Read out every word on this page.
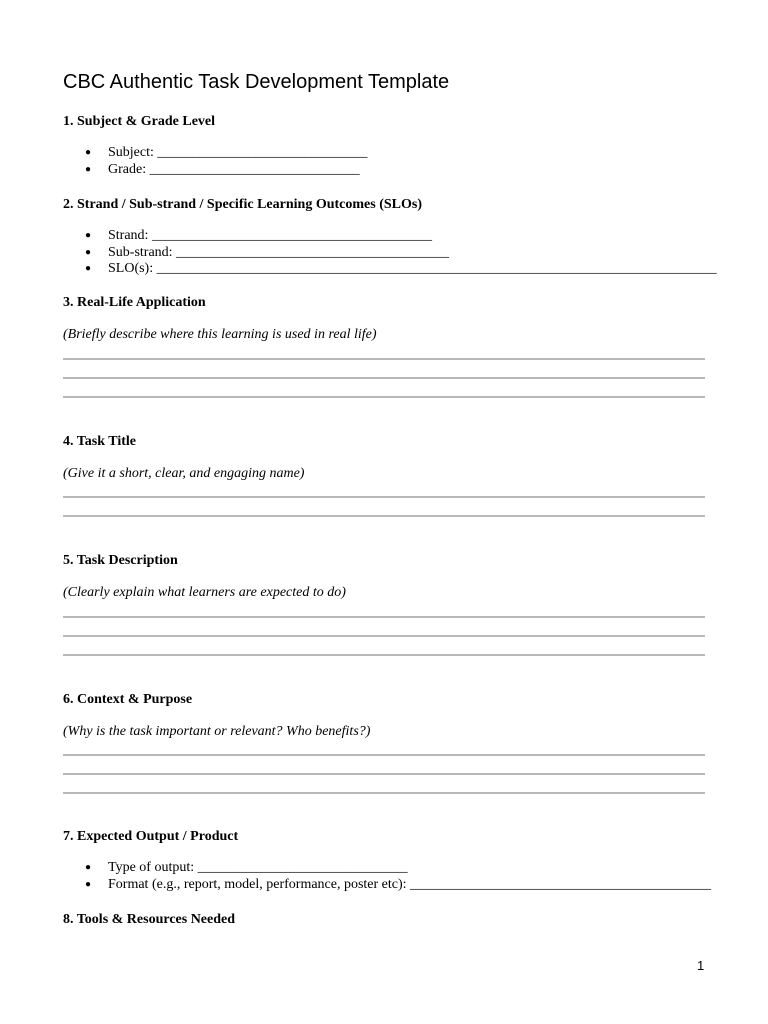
CBC Authentic Task Development Template
1. Subject & Grade Level
● Subject: ______________________________
● Grade: ______________________________
2. Strand / Sub-strand / Specific Learning Outcomes (SLOs)
● Strand: ________________________________________
● Sub-strand: _______________________________________
● SLO(s): ________________________________________________________________________________
3. Real-Life Application
(Briefly describe where this learning is used in real life)
4. Task Title
(Give it a short, clear, and engaging name)
5. Task Description
(Clearly explain what learners are expected to do)
6. Context & Purpose
(Why is the task important or relevant? Who benefits?)
7. Expected Output / Product
● Type of output: ______________________________
● Format (e.g., report, model, performance, poster etc): ___________________________________________
8. Tools & Resources Needed
1
